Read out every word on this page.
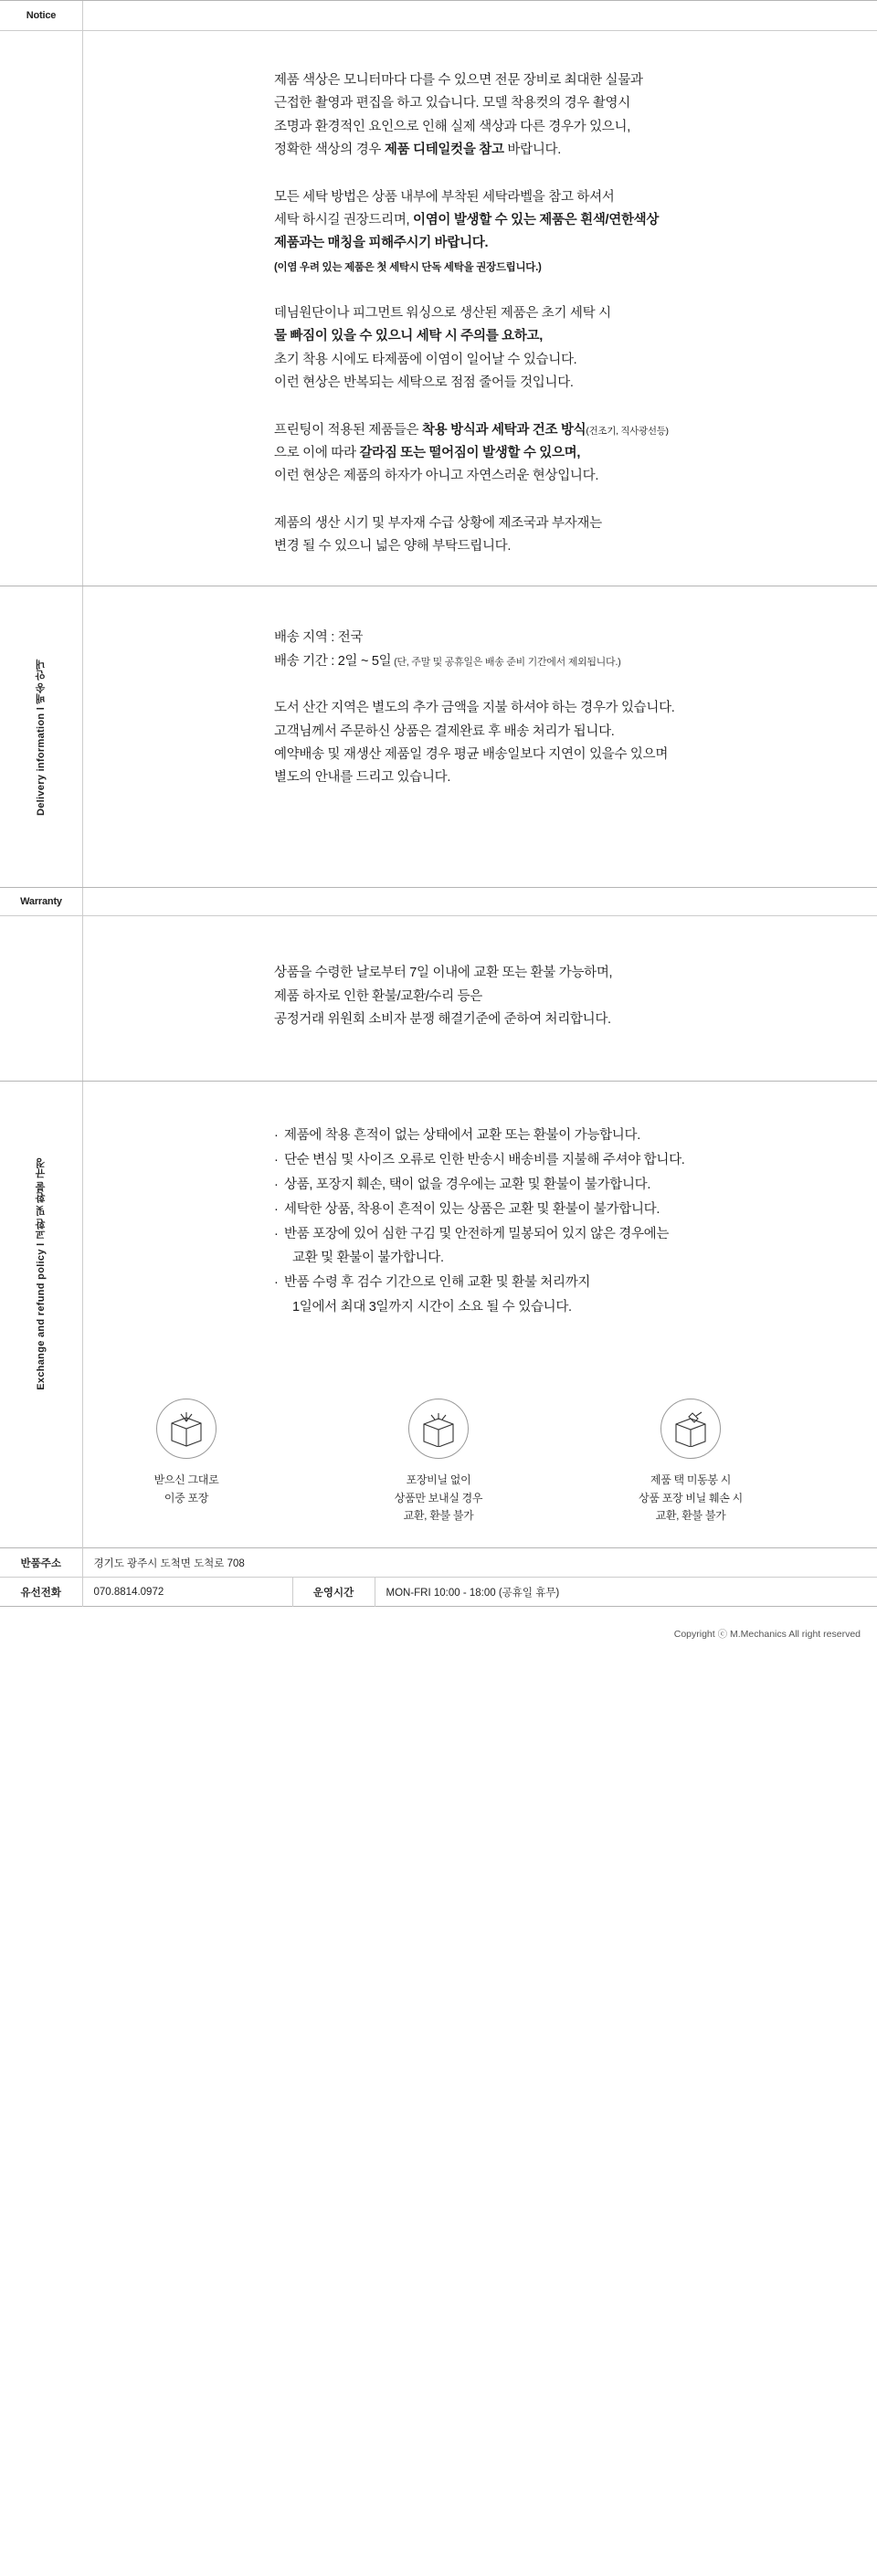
Notice

제품 색상은 모니터마다 다를 수 있으면 전문 장비로 최대한 실물과
근접한 촬영과 편집을 하고 있습니다. 모델 착용컷의 경우 촬영시
조명과 환경적인 요인으로 인해 실제 색상과 다른 경우가 있으니,
정확한 색상의 경우 제품 디테일컷을 참고 바랍니다.

모든 세탁 방법은 상품 내부에 부착된 세탁라벨을 참고 하셔서
세탁 하시길 권장드리며, 이염이 발생할 수 있는 제품은 흰색/연한색상
제품과는 매칭을 피해주시기 바랍니다.
(이염 우려 있는 제품은 첫 세탁시 단독 세탁을 권장드립니다.)

데님원단이나 피그먼트 워싱으로 생산된 제품은 초기 세탁 시
물 빠짐이 있을 수 있으니 세탁 시 주의를 요하고,
초기 착용 시에도 타제품에 이염이 일어날 수 있습니다.
이런 현상은 반복되는 세탁으로 점점 줄어들 것입니다.

프린팅이 적용된 제품들은 착용 방식과 세탁과 건조 방식(건조기, 직사광선등)
으로 이에 따라 갈라짐 또는 떨어짐이 발생할 수 있으며,
이런 현상은 제품의 하자가 아니고 자연스러운 현상입니다.

제품의 생산 시기 및 부자재 수급 상황에 제조국과 부자재는
변경 될 수 있으니 넓은 양해 부탁드립니다.

Delivery information l 배송 안내

배송 지역 : 전국
배송 기간 : 2일 ~ 5일 (단, 주말 및 공휴일은 배송 준비 기간에서 제외됩니다.)

도서 산간 지역은 별도의 추가 금액을 지불 하셔야 하는 경우가 있습니다.
고객님께서 주문하신 상품은 결제완료 후 배송 처리가 됩니다.
예약배송 및 재생산 제품일 경우 평균 배송일보다 지연이 있을수 있으며
별도의 안내를 드리고 있습니다.

Warranty

상품을 수령한 날로부터 7일 이내에 교환 또는 환불 가능하며,
제품 하자로 인한 환불/교환/수리 등은
공정거래 위원회 소비자 분쟁 해결기준에 준하여 처리합니다.

Exchange and refund policy l 교환 및 환불 규정
· 제품에 착용 흔적이 없는 상태에서 교환 또는 환불이 가능합니다.
· 단순 변심 및 사이즈 오류로 인한 반송시 배송비를 지불해 주셔야 합니다.
· 상품, 포장지 훼손, 택이 없을 경우에는 교환 및 환불이 불가합니다.
· 세탁한 상품, 착용이 흔적이 있는 상품은 교환 및 환불이 불가합니다.
· 반품 포장에 있어 심한 구김 및 안전하게 밀봉되어 있지 않은 경우에는
교환 및 환불이 불가합니다.
· 반품 수령 후 검수 기간으로 인해 교환 및 환불 처리까지
1일에서 최대 3일까지 시간이 소요 될 수 있습니다.
받으신 그대로
이중 포장
포장비닐 없이
상품만 보내실 경우
교환, 환불 불가
제품 택 미동봉 시
상품 포장 비닐 훼손 시
교환, 환불 불가
반품주소	경기도 광주시 도척면 도척로 708		
유선전화	070.8814.0972	운영시간	MON-FRI 10:00 - 18:00 (공휴일 휴무)
Copyright ⓒ M.Mechanics All right reserved
